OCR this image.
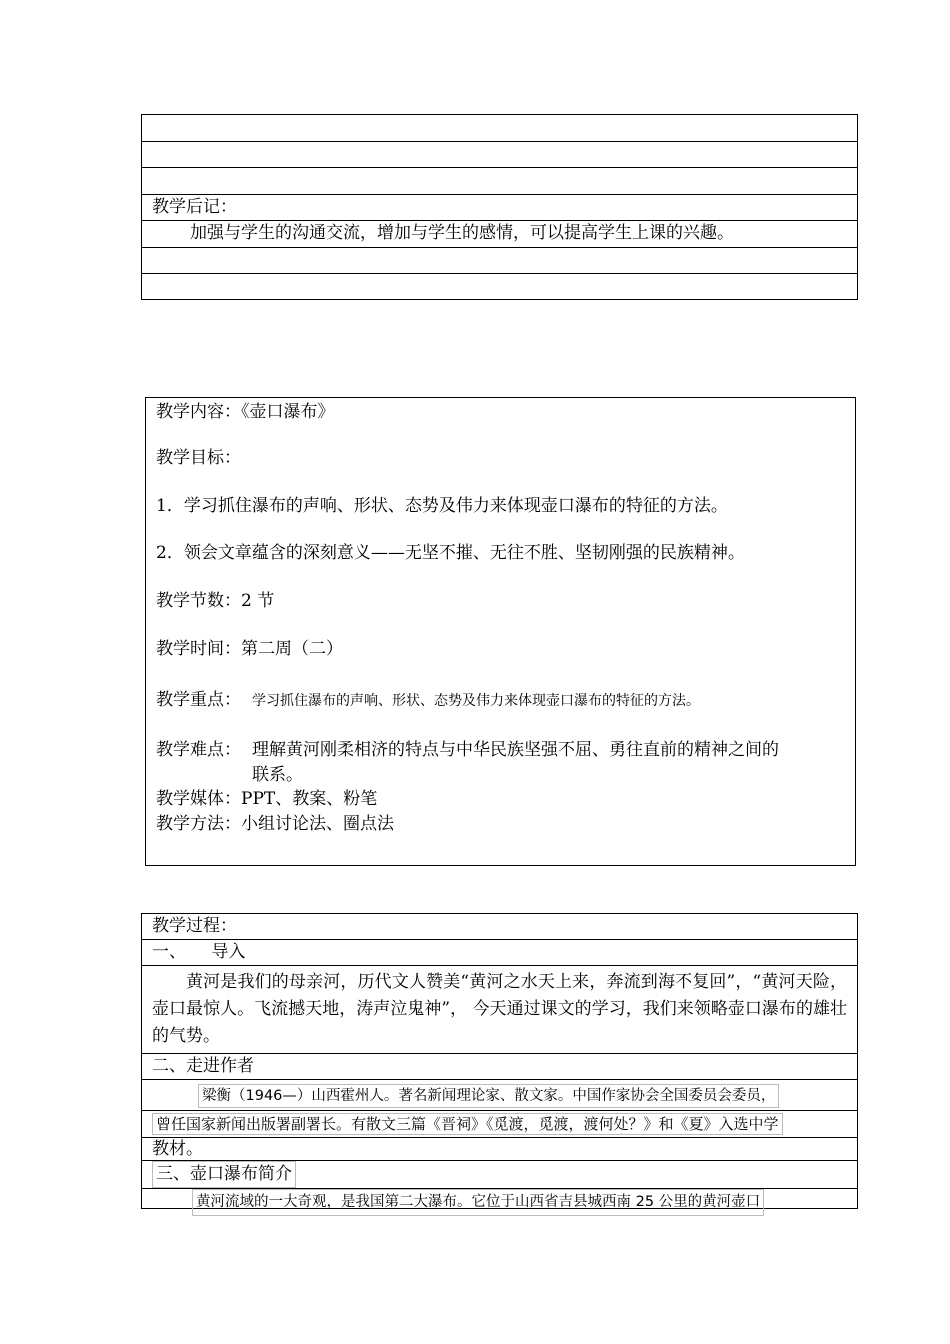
教学后记：
加强与学生的沟通交流，增加与学生的感情，可以提高学生上课的兴趣。
教学内容：《壶口瀑布》
教学目标：
1．学习抓住瀑布的声响、形状、态势及伟力来体现壶口瀑布的特征的方法。
2．领会文章蕴含的深刻意义——无坚不摧、无往不胜、坚韧刚强的民族精神。
教学节数：2 节
教学时间：第二周（二）
教学重点： 学习抓住瀑布的声响、形状、态势及伟力来体现壶口瀑布的特征的方法。
教学难点： 理解黄河刚柔相济的特点与中华民族坚强不屈、勇往直前的精神之间的
联系。
教学媒体：PPT、教案、粉笔
教学方法：小组讨论法、圈点法
教学过程：
一、　　导入
黄河是我们的母亲河，历代文人赞美“黄河之水天上来，奔流到海不复回”，“黄河天险，壶口最惊人。飞流撼天地，涛声泣鬼神”， 今天通过课文的学习，我们来领略壶口瀑布的雄壮的气势。
二、走进作者
梁衡（1946—）山西霍州人。著名新闻理论家、散文家。中国作家协会全国委员会委员，
曾任国家新闻出版署副署长。有散文三篇《晋祠》《觅渡，觅渡，渡何处？》和《夏》入选中学
教材。
三、壶口瀑布简介
黄河流域的一大奇观，是我国第二大瀑布。它位于山西省吉县城西南 25 公里的黄河壶口
